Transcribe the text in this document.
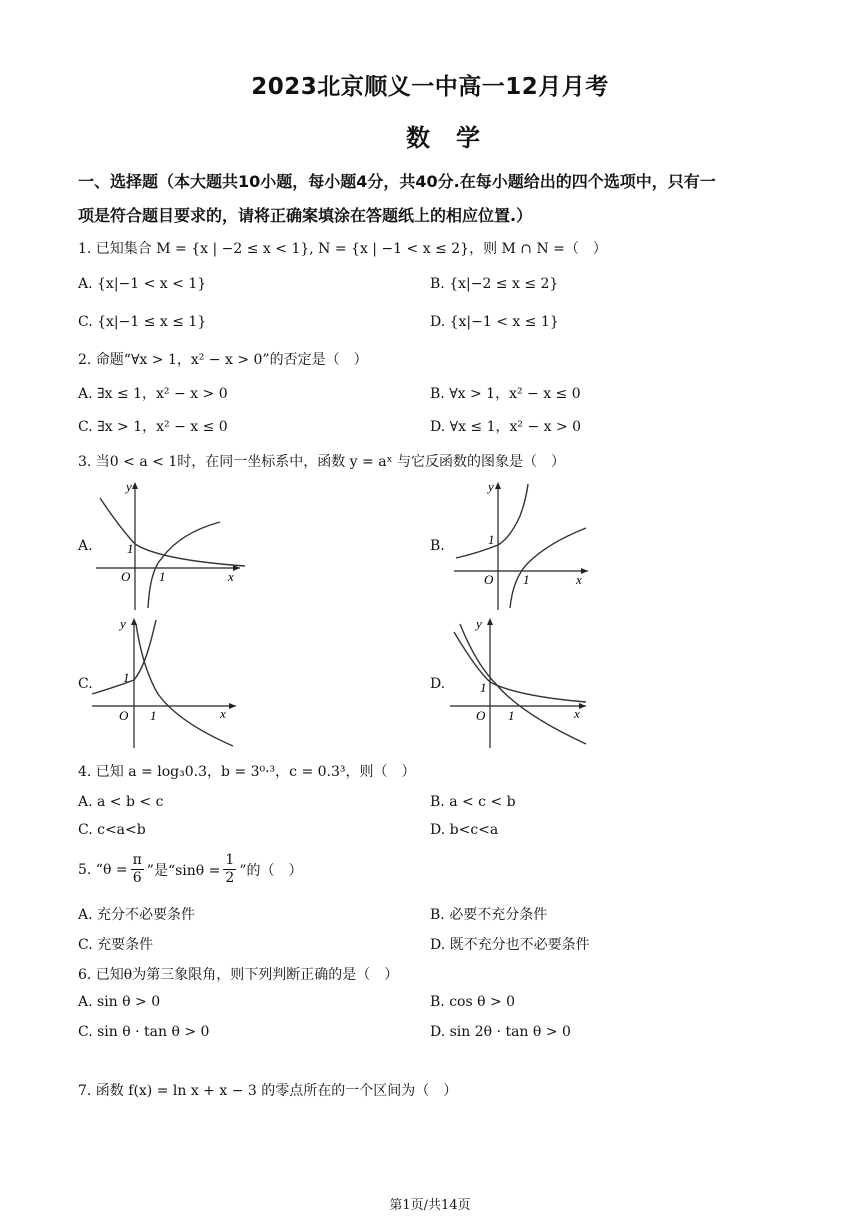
2023北京顺义一中高一12月月考
数学
一、选择题（本大题共10小题，每小题4分，共40分.在每小题给出的四个选项中，只有一
项是符合题目要求的，请将正确案填涂在答题纸上的相应位置.）
1. 已知集合 M = {x | −2 ≤ x < 1}, N = {x | −1 < x ≤ 2}，则 M ∩ N =（　）
A. {x|−1 < x < 1}	B. {x|−2 ≤ x ≤ 2}
C. {x|−1 ≤ x ≤ 1}	D. {x|−1 < x ≤ 1}
2. 命题“∀x > 1，x² − x > 0”的否定是（　）
A. ∃x ≤ 1，x² − x > 0	B. ∀x > 1，x² − x ≤ 0
C. ∃x > 1，x² − x ≤ 0	D. ∀x ≤ 1，x² − x > 0
3. 当0 < a < 1时，在同一坐标系中，函数 y = aˣ 与它反函数的图象是（　）
A.	B.
C.	D.
y
x
O
1
1
y
x
O
1
1
y
x
O
1
1
y
x
O
1
1
4. 已知 a = log₃0.3，b = 3⁰·³，c = 0.3³，则（　）
A. a < b < c	B. a < c < b
C. c<a<b	D. b<c<a
5. “$\theta = \frac{\pi}{6}$ ”是“$\sin\theta = \frac{1}{2}$ ”的（　）
A. 充分不必要条件	B. 必要不充分条件
C. 充要条件	D. 既不充分也不必要条件
6. 已知θ为第三象限角，则下列判断正确的是（　）
A. sin θ > 0	B. cos θ > 0
C. sin θ · tan θ > 0	D. sin 2θ · tan θ > 0
7. 函数 f(x) = ln x + x − 3 的零点所在的一个区间为（　）
第1页/共14页
